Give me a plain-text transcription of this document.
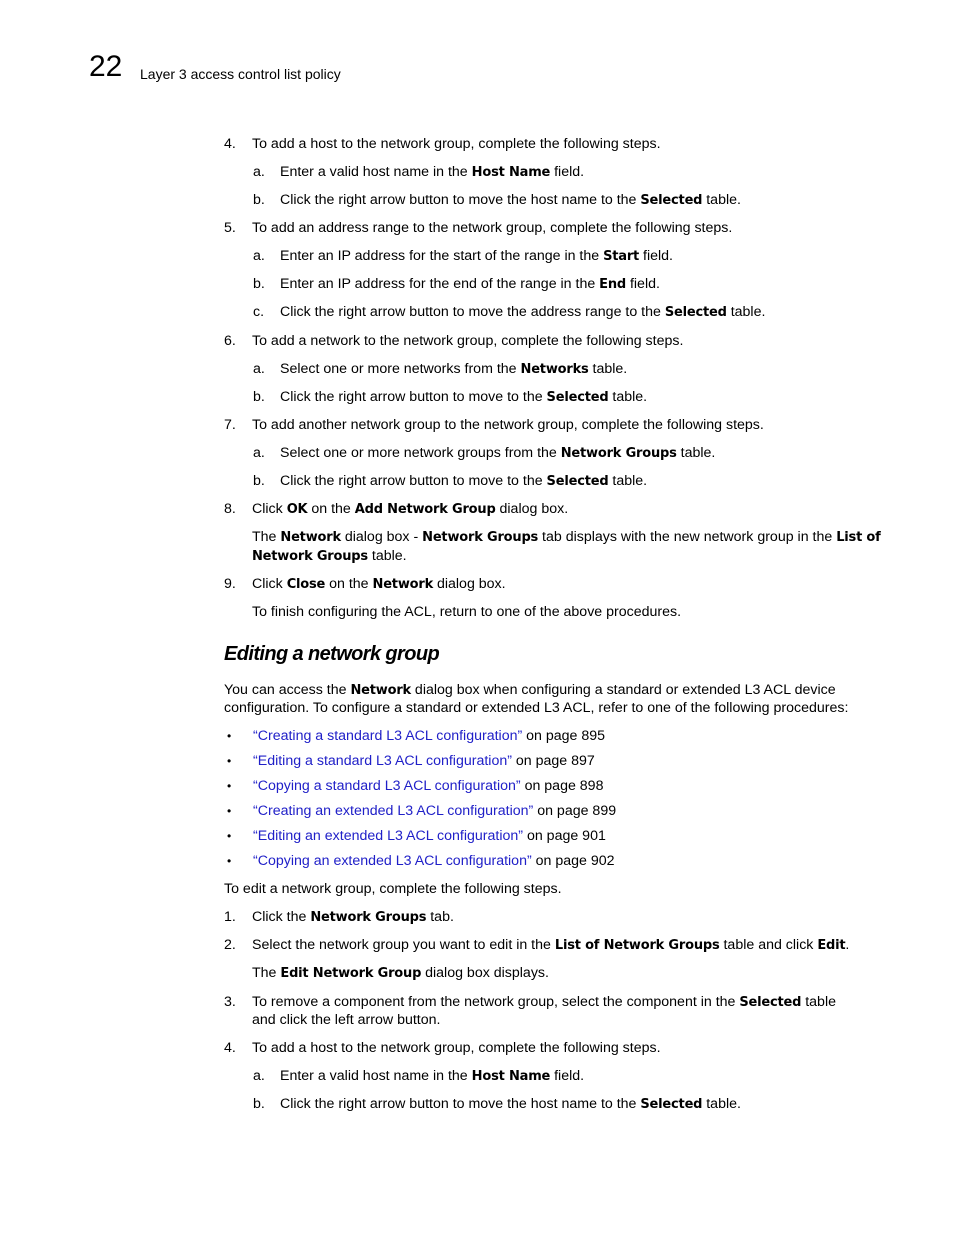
22 Layer 3 access control list policy
4. To add a host to the network group, complete the following steps.
a. Enter a valid host name in the Host Name field.
b. Click the right arrow button to move the host name to the Selected table.
5. To add an address range to the network group, complete the following steps.
a. Enter an IP address for the start of the range in the Start field.
b. Enter an IP address for the end of the range in the End field.
c. Click the right arrow button to move the address range to the Selected table.
6. To add a network to the network group, complete the following steps.
a. Select one or more networks from the Networks table.
b. Click the right arrow button to move to the Selected table.
7. To add another network group to the network group, complete the following steps.
a. Select one or more network groups from the Network Groups table.
b. Click the right arrow button to move to the Selected table.
8. Click OK on the Add Network Group dialog box.
The Network dialog box - Network Groups tab displays with the new network group in the List of
Network Groups table.
9. Click Close on the Network dialog box.
To finish configuring the ACL, return to one of the above procedures.
Editing a network group
You can access the Network dialog box when configuring a standard or extended L3 ACL device
configuration. To configure a standard or extended L3 ACL, refer to one of the following procedures:
• “Creating a standard L3 ACL configuration” on page 895
• “Editing a standard L3 ACL configuration” on page 897
• “Copying a standard L3 ACL configuration” on page 898
• “Creating an extended L3 ACL configuration” on page 899
• “Editing an extended L3 ACL configuration” on page 901
• “Copying an extended L3 ACL configuration” on page 902
To edit a network group, complete the following steps.
1. Click the Network Groups tab.
2. Select the network group you want to edit in the List of Network Groups table and click Edit.
The Edit Network Group dialog box displays.
3. To remove a component from the network group, select the component in the Selected table
and click the left arrow button.
4. To add a host to the network group, complete the following steps.
a. Enter a valid host name in the Host Name field.
b. Click the right arrow button to move the host name to the Selected table.
